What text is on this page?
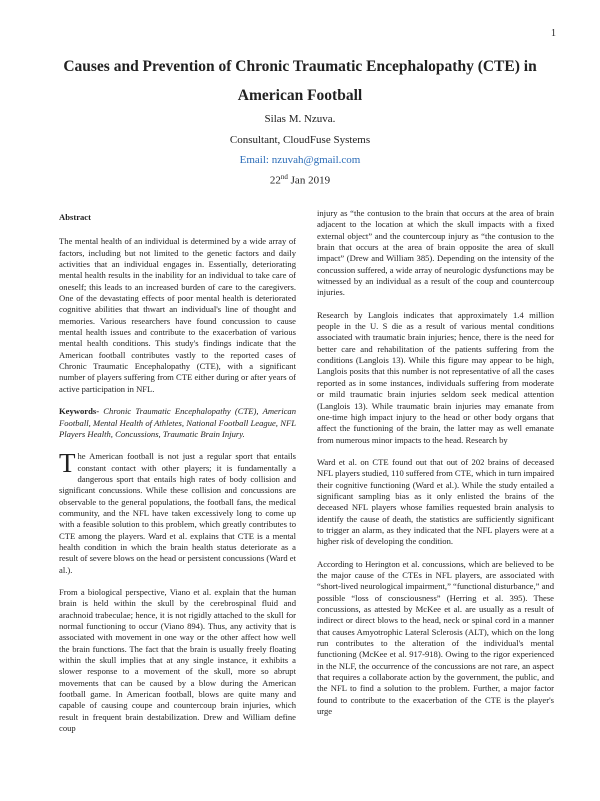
1
Causes and Prevention of Chronic Traumatic Encephalopathy (CTE) in American Football
Silas M. Nzuva.
Consultant, CloudFuse Systems
Email: nzuvah@gmail.com
22nd Jan 2019
Abstract

The mental health of an individual is determined by a wide array of factors, including but not limited to the genetic factors and daily activities that an individual engages in. Essentially, deteriorating mental health results in the inability for an individual to take care of oneself; this leads to an increased burden of care to the caregivers. One of the devastating effects of poor mental health is deteriorated cognitive abilities that thwart an individual's line of thought and memories. Various researchers have found concussion to cause mental health issues and contribute to the exacerbation of various mental health conditions. This study's findings indicate that the American football contributes vastly to the reported cases of Chronic Traumatic Encephalopathy (CTE), with a significant number of players suffering from CTE either during or after years of active participation in NFL.

Keywords- Chronic Traumatic Encephalopathy (CTE), American Football, Mental Health of Athletes, National Football League, NFL Players Health, Concussions, Traumatic Brain Injury.

The American football is not just a regular sport that entails constant contact with other players; it is fundamentally a dangerous sport that entails high rates of body collision and significant concussions. While these collision and concussions are observable to the general populations, the football fans, the medical community, and the NFL have taken excessively long to come up with a feasible solution to this problem, which greatly contributes to CTE among the players. Ward et al. explains that CTE is a mental health condition in which the brain health status deteriorate as a result of severe blows on the head or persistent concussions (Ward et al.).

From a biological perspective, Viano et al. explain that the human brain is held within the skull by the cerebrospinal fluid and arachnoid trabeculae; hence, it is not rigidly attached to the skull for normal functioning to occur (Viano 894). Thus, any activity that is associated with movement in one way or the other affect how well the brain functions. The fact that the brain is usually freely floating within the skull implies that at any single instance, it exhibits a slower response to a movement of the skull, more so abrupt movements that can be caused by a blow during the American football game. In American football, blows are quite many and capable of causing coupe and countercoup brain injuries, which result in frequent brain destabilization. Drew and William define coup

injury as “the contusion to the brain that occurs at the area of brain adjacent to the location at which the skull impacts with a fixed external object” and the countercoup injury as “the contusion to the brain that occurs at the area of brain opposite the area of skull impact” (Drew and William 385). Depending on the intensity of the concussion suffered, a wide array of neurologic dysfunctions may be witnessed by an individual as a result of the coup and countercoup injuries.

Research by Langlois indicates that approximately 1.4 million people in the U. S die as a result of various mental conditions associated with traumatic brain injuries; hence, there is the need for better care and rehabilitation of the patients suffering from the conditions (Langlois 13). While this figure may appear to be high, Langlois posits that this number is not representative of all the cases reported as in some instances, individuals suffering from moderate or mild traumatic brain injuries seldom seek medical attention (Langlois 13). While traumatic brain injuries may emanate from one-time high impact injury to the head or other body organs that affect the functioning of the brain, the latter may as well emanate from numerous minor impacts to the head. Research by

Ward et al. on CTE found out that out of 202 brains of deceased NFL players studied, 110 suffered from CTE, which in turn impaired their cognitive functioning (Ward et al.). While the study entailed a significant sampling bias as it only enlisted the brains of the deceased NFL players whose families requested brain analysis to identify the cause of death, the statistics are sufficiently significant to trigger an alarm, as they indicated that the NFL players were at a higher risk of developing the condition.

According to Herington et al. concussions, which are believed to be the major cause of the CTEs in NFL players, are associated with “short-lived neurological impairment,” “functional disturbance,” and possible “loss of consciousness” (Herring et al. 395). These concussions, as attested by McKee et al. are usually as a result of indirect or direct blows to the head, neck or spinal cord in a manner that causes Amyotrophic Lateral Sclerosis (ALT), which on the long run contributes to the alteration of the individual's mental functioning (McKee et al. 917-918). Owing to the rigor experienced in the NLF, the occurrence of the concussions are not rare, an aspect that requires a collaborate action by the government, the public, and the NFL to find a solution to the problem. Further, a major factor found to contribute to the exacerbation of the CTE is the player's urge
